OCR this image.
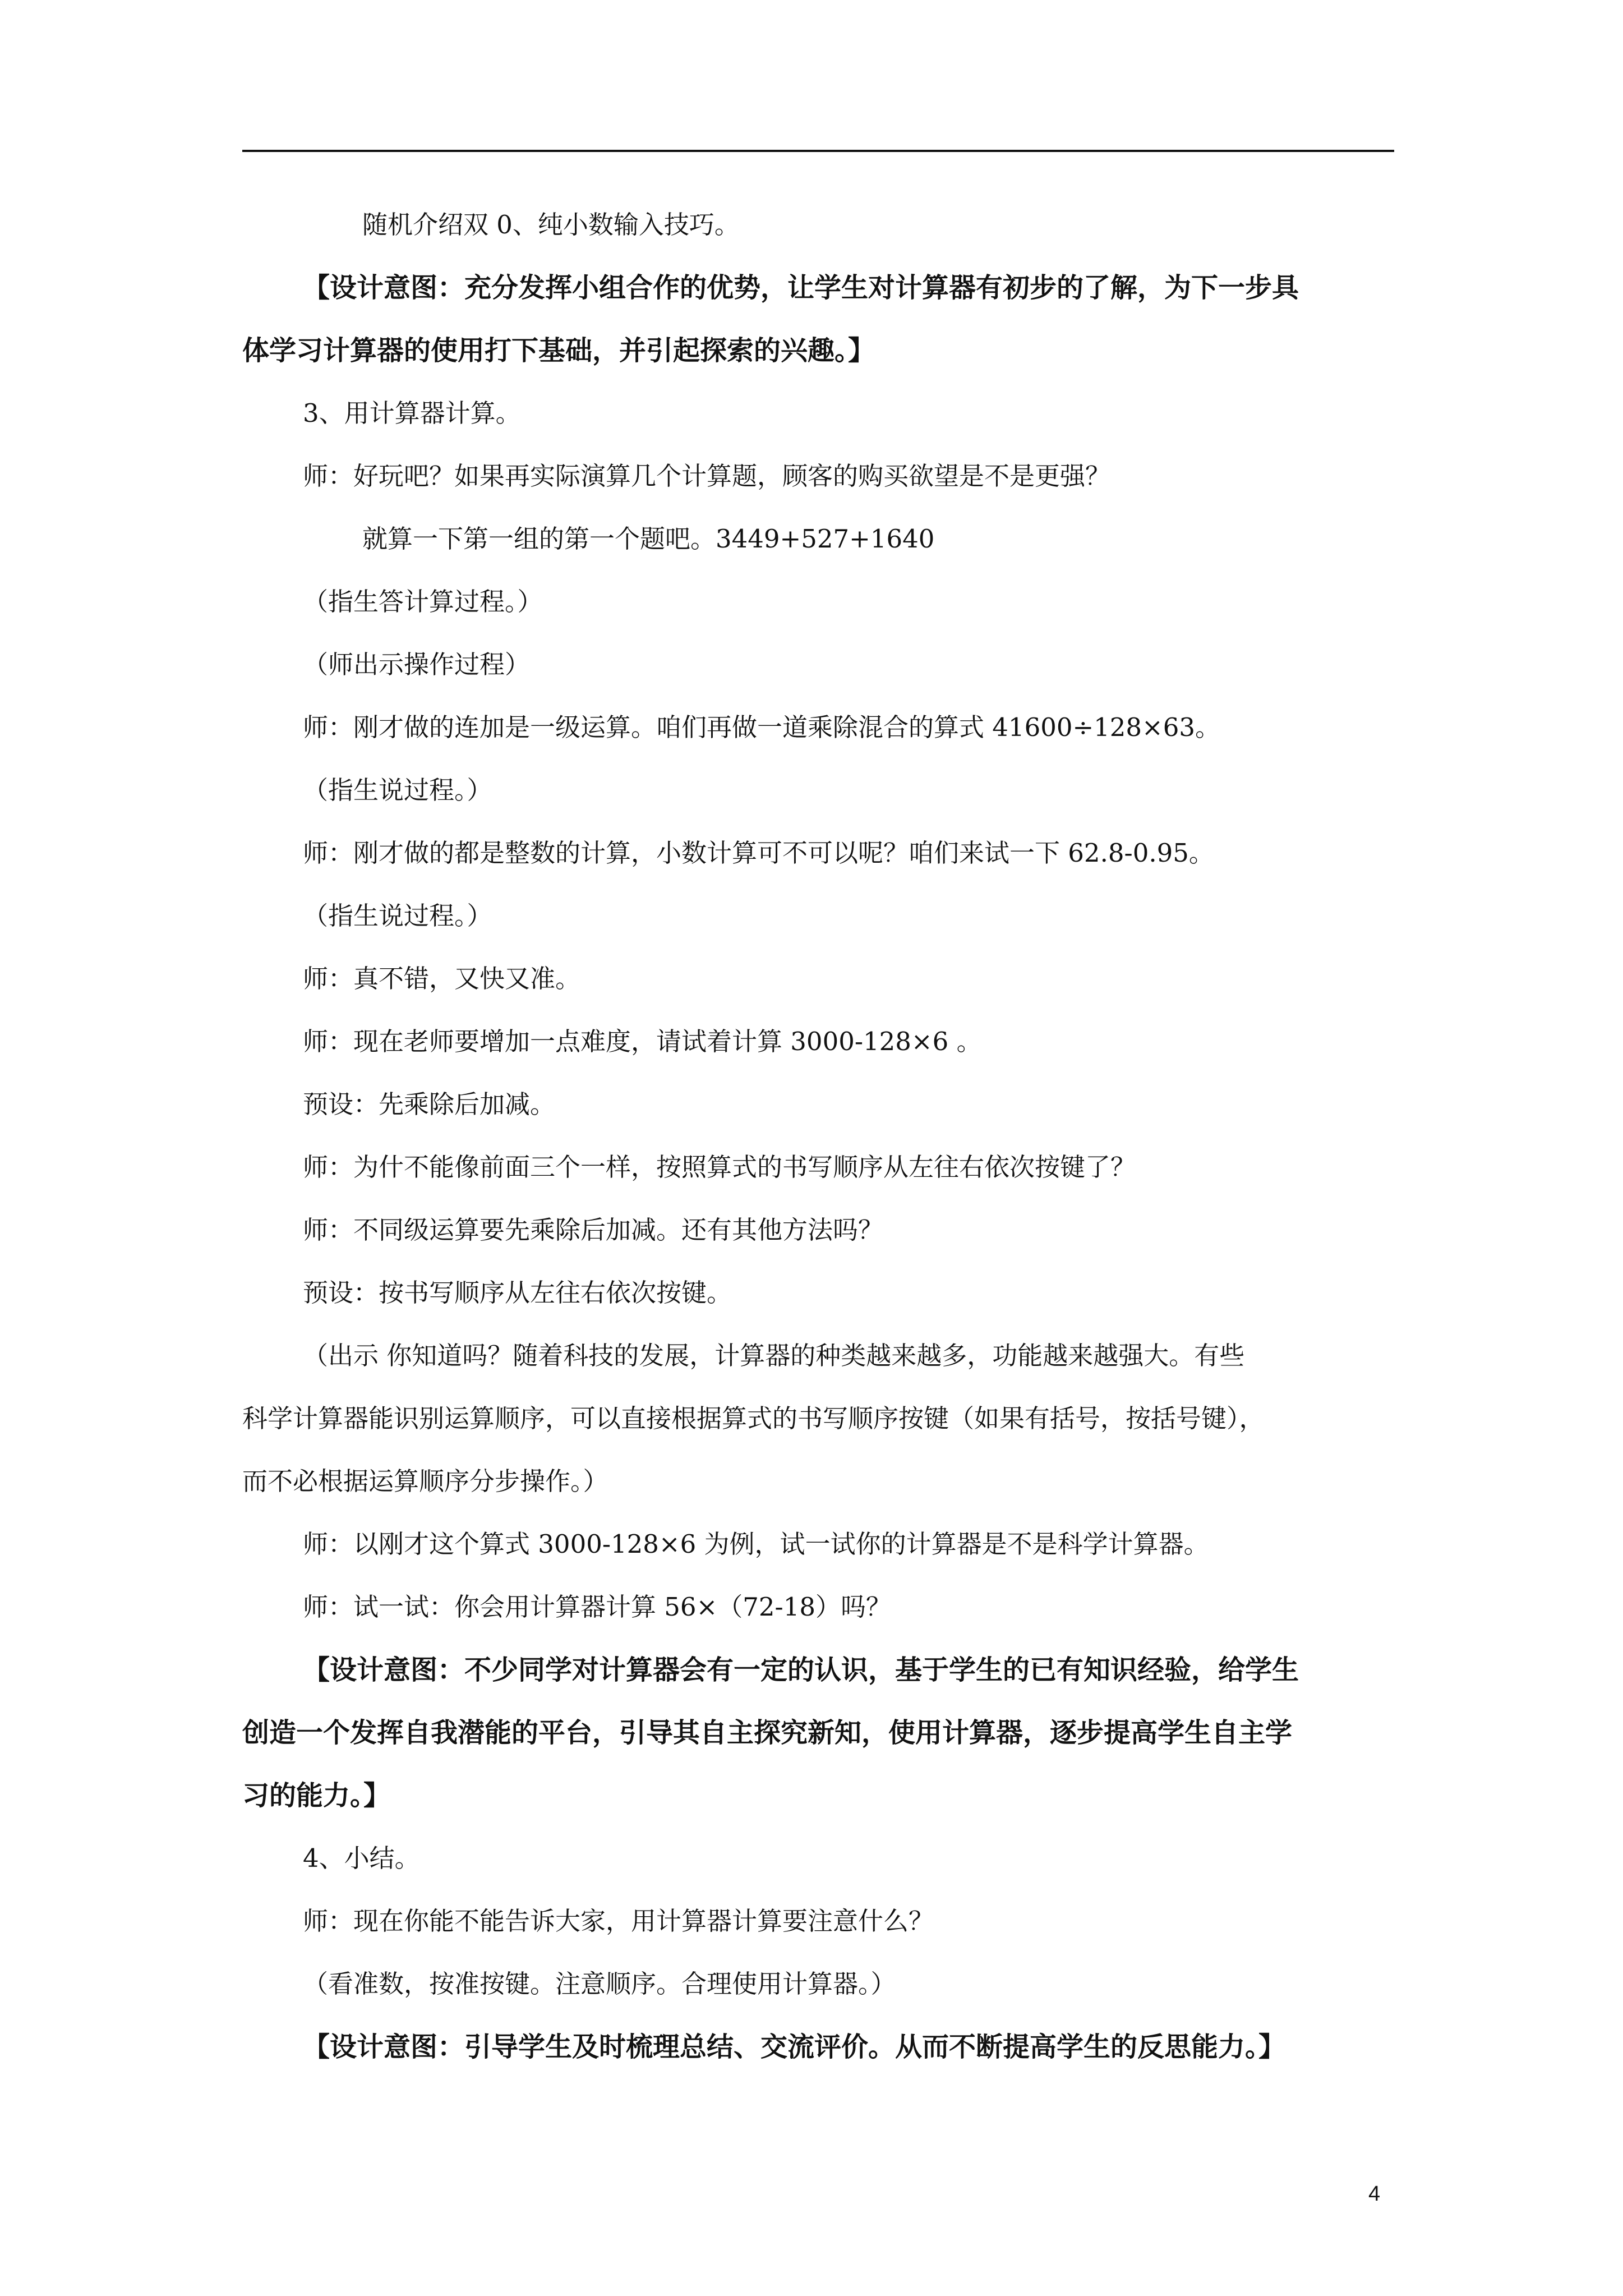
随机介绍双 0、纯小数输入技巧。
【设计意图：充分发挥小组合作的优势，让学生对计算器有初步的了解，为下一步具
体学习计算器的使用打下基础，并引起探索的兴趣。】
3、用计算器计算。
师：好玩吧？如果再实际演算几个计算题，顾客的购买欲望是不是更强？
就算一下第一组的第一个题吧。3449+527+1640
（指生答计算过程。）
（师出示操作过程）
师：刚才做的连加是一级运算。咱们再做一道乘除混合的算式 41600÷128×63。
（指生说过程。）
师：刚才做的都是整数的计算，小数计算可不可以呢？咱们来试一下 62.8-0.95。
（指生说过程。）
师：真不错，又快又准。
师：现在老师要增加一点难度，请试着计算 3000-128×6 。
预设：先乘除后加减。
师：为什不能像前面三个一样，按照算式的书写顺序从左往右依次按键了？
师：不同级运算要先乘除后加减。还有其他方法吗？
预设：按书写顺序从左往右依次按键。
（出示 你知道吗？随着科技的发展，计算器的种类越来越多，功能越来越强大。有些
科学计算器能识别运算顺序，可以直接根据算式的书写顺序按键（如果有括号，按括号键），
而不必根据运算顺序分步操作。）
师：以刚才这个算式 3000-128×6 为例，试一试你的计算器是不是科学计算器。
师：试一试：你会用计算器计算 56×（72-18）吗？
【设计意图：不少同学对计算器会有一定的认识，基于学生的已有知识经验，给学生
创造一个发挥自我潜能的平台，引导其自主探究新知，使用计算器，逐步提高学生自主学
习的能力。】
4、小结。
师：现在你能不能告诉大家，用计算器计算要注意什么？
（看准数，按准按键。注意顺序。合理使用计算器。）
【设计意图：引导学生及时梳理总结、交流评价。从而不断提高学生的反思能力。】
4
